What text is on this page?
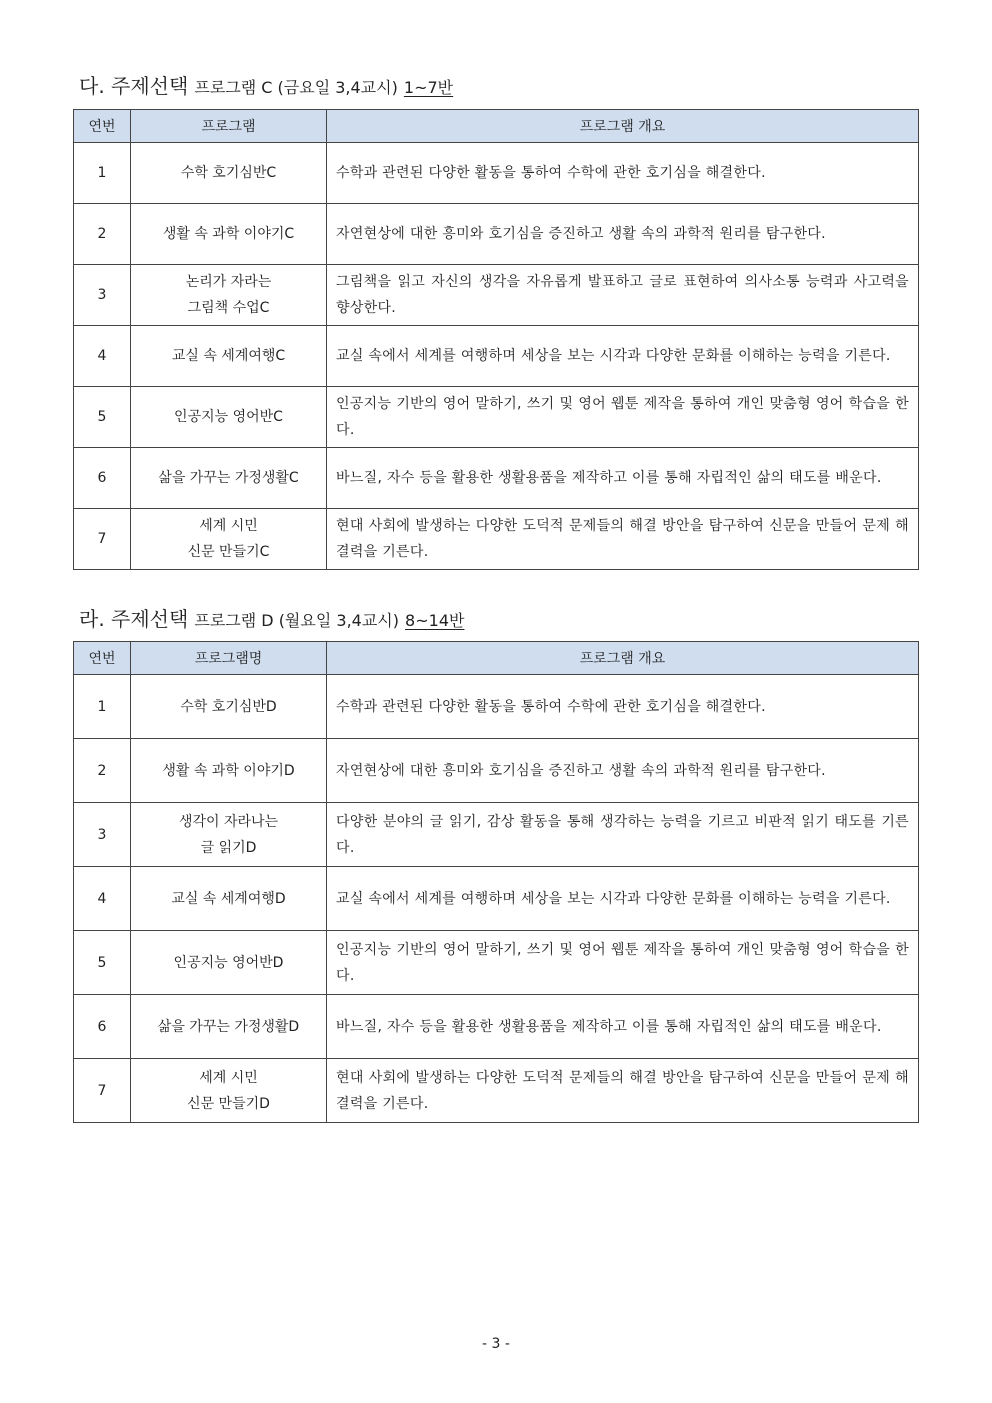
다. 주제선택 프로그램 C (금요일 3,4교시) 1~7반
연번	프로그램	프로그램 개요
1	수학 호기심반C	수학과 관련된 다양한 활동을 통하여 수학에 관한 호기심을 해결한다.
2	생활 속 과학 이야기C	자연현상에 대한 흥미와 호기심을 증진하고 생활 속의 과학적 원리를 탐구한다.
3	논리가 자라는
그림책 수업C	그림책을 읽고 자신의 생각을 자유롭게 발표하고 글로 표현하여 의사소통 능력과 사고력을 향상한다.
4	교실 속 세계여행C	교실 속에서 세계를 여행하며 세상을 보는 시각과 다양한 문화를 이해하는 능력을 기른다.
5	인공지능 영어반C	인공지능 기반의 영어 말하기, 쓰기 및 영어 웹툰 제작을 통하여 개인 맞춤형 영어 학습을 한다.
6	삶을 가꾸는 가정생활C	바느질, 자수 등을 활용한 생활용품을 제작하고 이를 통해 자립적인 삶의 태도를 배운다.
7	세계 시민
신문 만들기C	현대 사회에 발생하는 다양한 도덕적 문제들의 해결 방안을 탐구하여 신문을 만들어 문제 해결력을 기른다.
라. 주제선택 프로그램 D (월요일 3,4교시) 8~14반
연번	프로그램명	프로그램 개요
1	수학 호기심반D	수학과 관련된 다양한 활동을 통하여 수학에 관한 호기심을 해결한다.
2	생활 속 과학 이야기D	자연현상에 대한 흥미와 호기심을 증진하고 생활 속의 과학적 원리를 탐구한다.
3	생각이 자라나는
글 읽기D	다양한 분야의 글 읽기, 감상 활동을 통해 생각하는 능력을 기르고 비판적 읽기 태도를 기른다.
4	교실 속 세계여행D	교실 속에서 세계를 여행하며 세상을 보는 시각과 다양한 문화를 이해하는 능력을 기른다.
5	인공지능 영어반D	인공지능 기반의 영어 말하기, 쓰기 및 영어 웹툰 제작을 통하여 개인 맞춤형 영어 학습을 한다.
6	삶을 가꾸는 가정생활D	바느질, 자수 등을 활용한 생활용품을 제작하고 이를 통해 자립적인 삶의 태도를 배운다.
7	세계 시민
신문 만들기D	현대 사회에 발생하는 다양한 도덕적 문제들의 해결 방안을 탐구하여 신문을 만들어 문제 해결력을 기른다.
- 3 -
